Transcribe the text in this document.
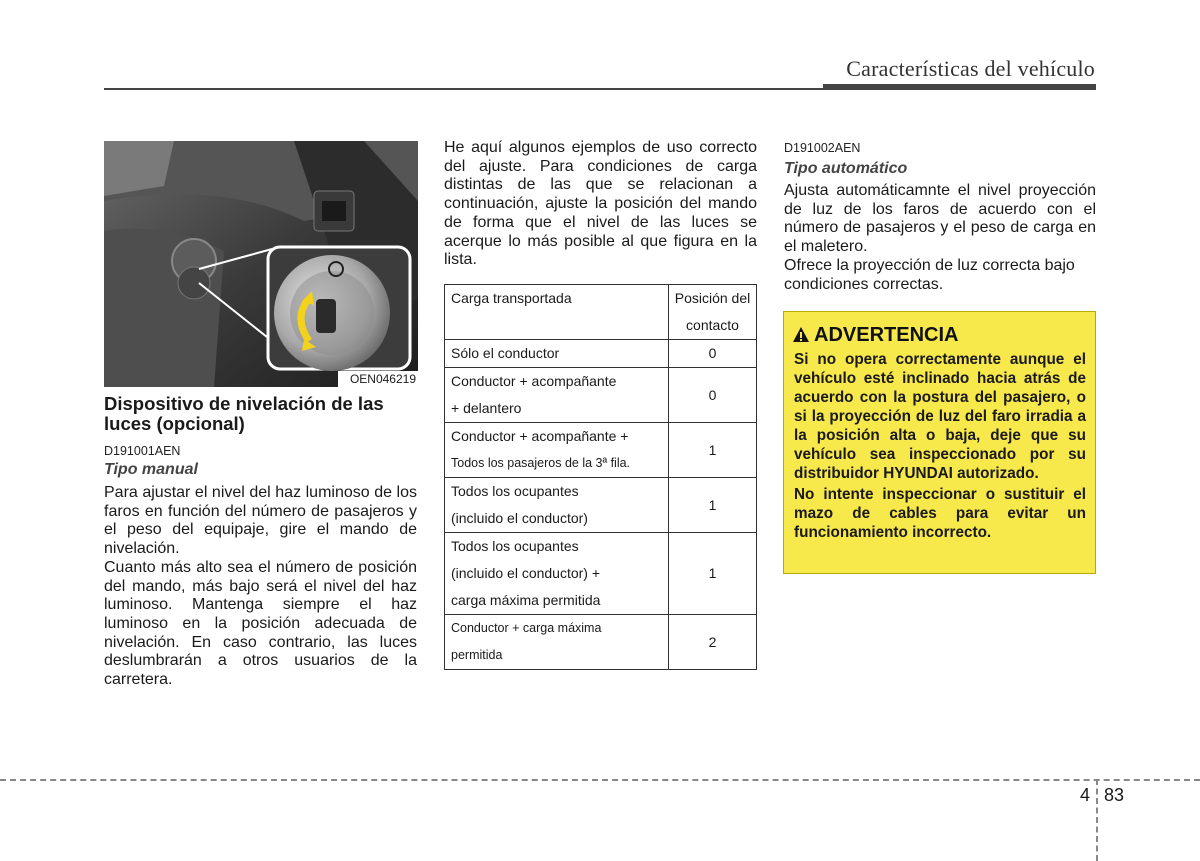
Características del vehículo
OEN046219
Dispositivo de nivelación de las luces (opcional)
D191001AEN
Tipo manual
Para ajustar el nivel del haz luminoso de los faros en función del número de pasajeros y el peso del equipaje, gire el mando de nivelación.
Cuanto más alto sea el número de posición del mando, más bajo será el nivel del haz luminoso. Mantenga siempre el haz luminoso en la posición adecuada de nivelación. En caso contrario, las luces deslumbrarán a otros usuarios de la carretera.
He aquí algunos ejemplos de uso correcto del ajuste. Para condiciones de carga distintas de las que se relacionan a continuación, ajuste la posición del mando de forma que el nivel de las luces se acerque lo más posible al que figura en la lista.
Carga transportada	Posición del contacto
Sólo el conductor	0

Conductor + acompañante
+ delantero	0

Conductor + acompañante +
Todos los pasajeros de la 3ª fila.	1

Todos los ocupantes
(incluido el conductor)	1

Todos los ocupantes
(incluido el conductor) +
carga máxima permitida	1

Conductor + carga máxima
permitida	2
D191002AEN
Tipo automático
Ajusta automáticamnte el nivel proyección de luz de los faros de acuerdo con el número de pasajeros y el peso de carga en el maletero.
Ofrece la proyección de luz correcta bajo condiciones correctas.
ADVERTENCIA

Si no opera correctamente aunque el vehículo esté inclinado hacia atrás de acuerdo con la postura del pasajero, o si la proyección de luz del faro irradia a la posición alta o baja, deje que su vehículo sea inspeccionado por su distribuidor HYUNDAI autorizado.

No intente inspeccionar o sustituir el mazo de cables para evitar un funcionamiento incorrecto.

4 83
